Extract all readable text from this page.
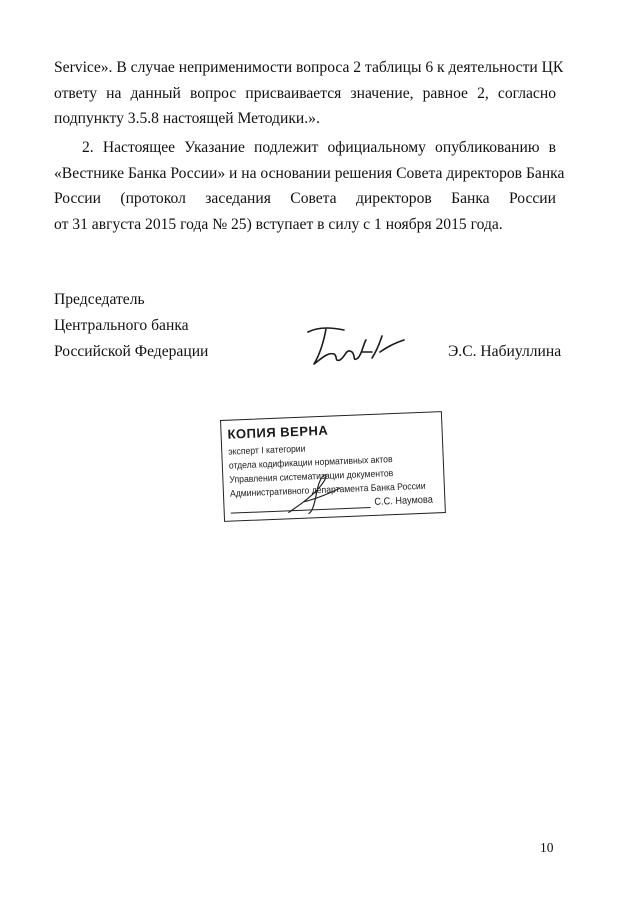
Service». В случае неприменимости вопроса 2 таблицы 6 к деятельности ЦК
ответу на данный вопрос присваивается значение, равное 2, согласно
подпункту 3.5.8 настоящей Методики.».
2. Настоящее Указание подлежит официальному опубликованию в
«Вестнике Банка России» и на основании решения Совета директоров Банка
России (протокол заседания Совета директоров Банка России
от 31 августа 2015 года № 25) вступает в силу с 1 ноября 2015 года.
Председатель
Центрального банка
Российской Федерации	Э.С. Набиуллина
КОПИЯ ВЕРНА
эксперт I категории
отдела кодификации нормативных актов
Управления систематизации документов
Административного департамента Банка России
С.С. Наумова
10
